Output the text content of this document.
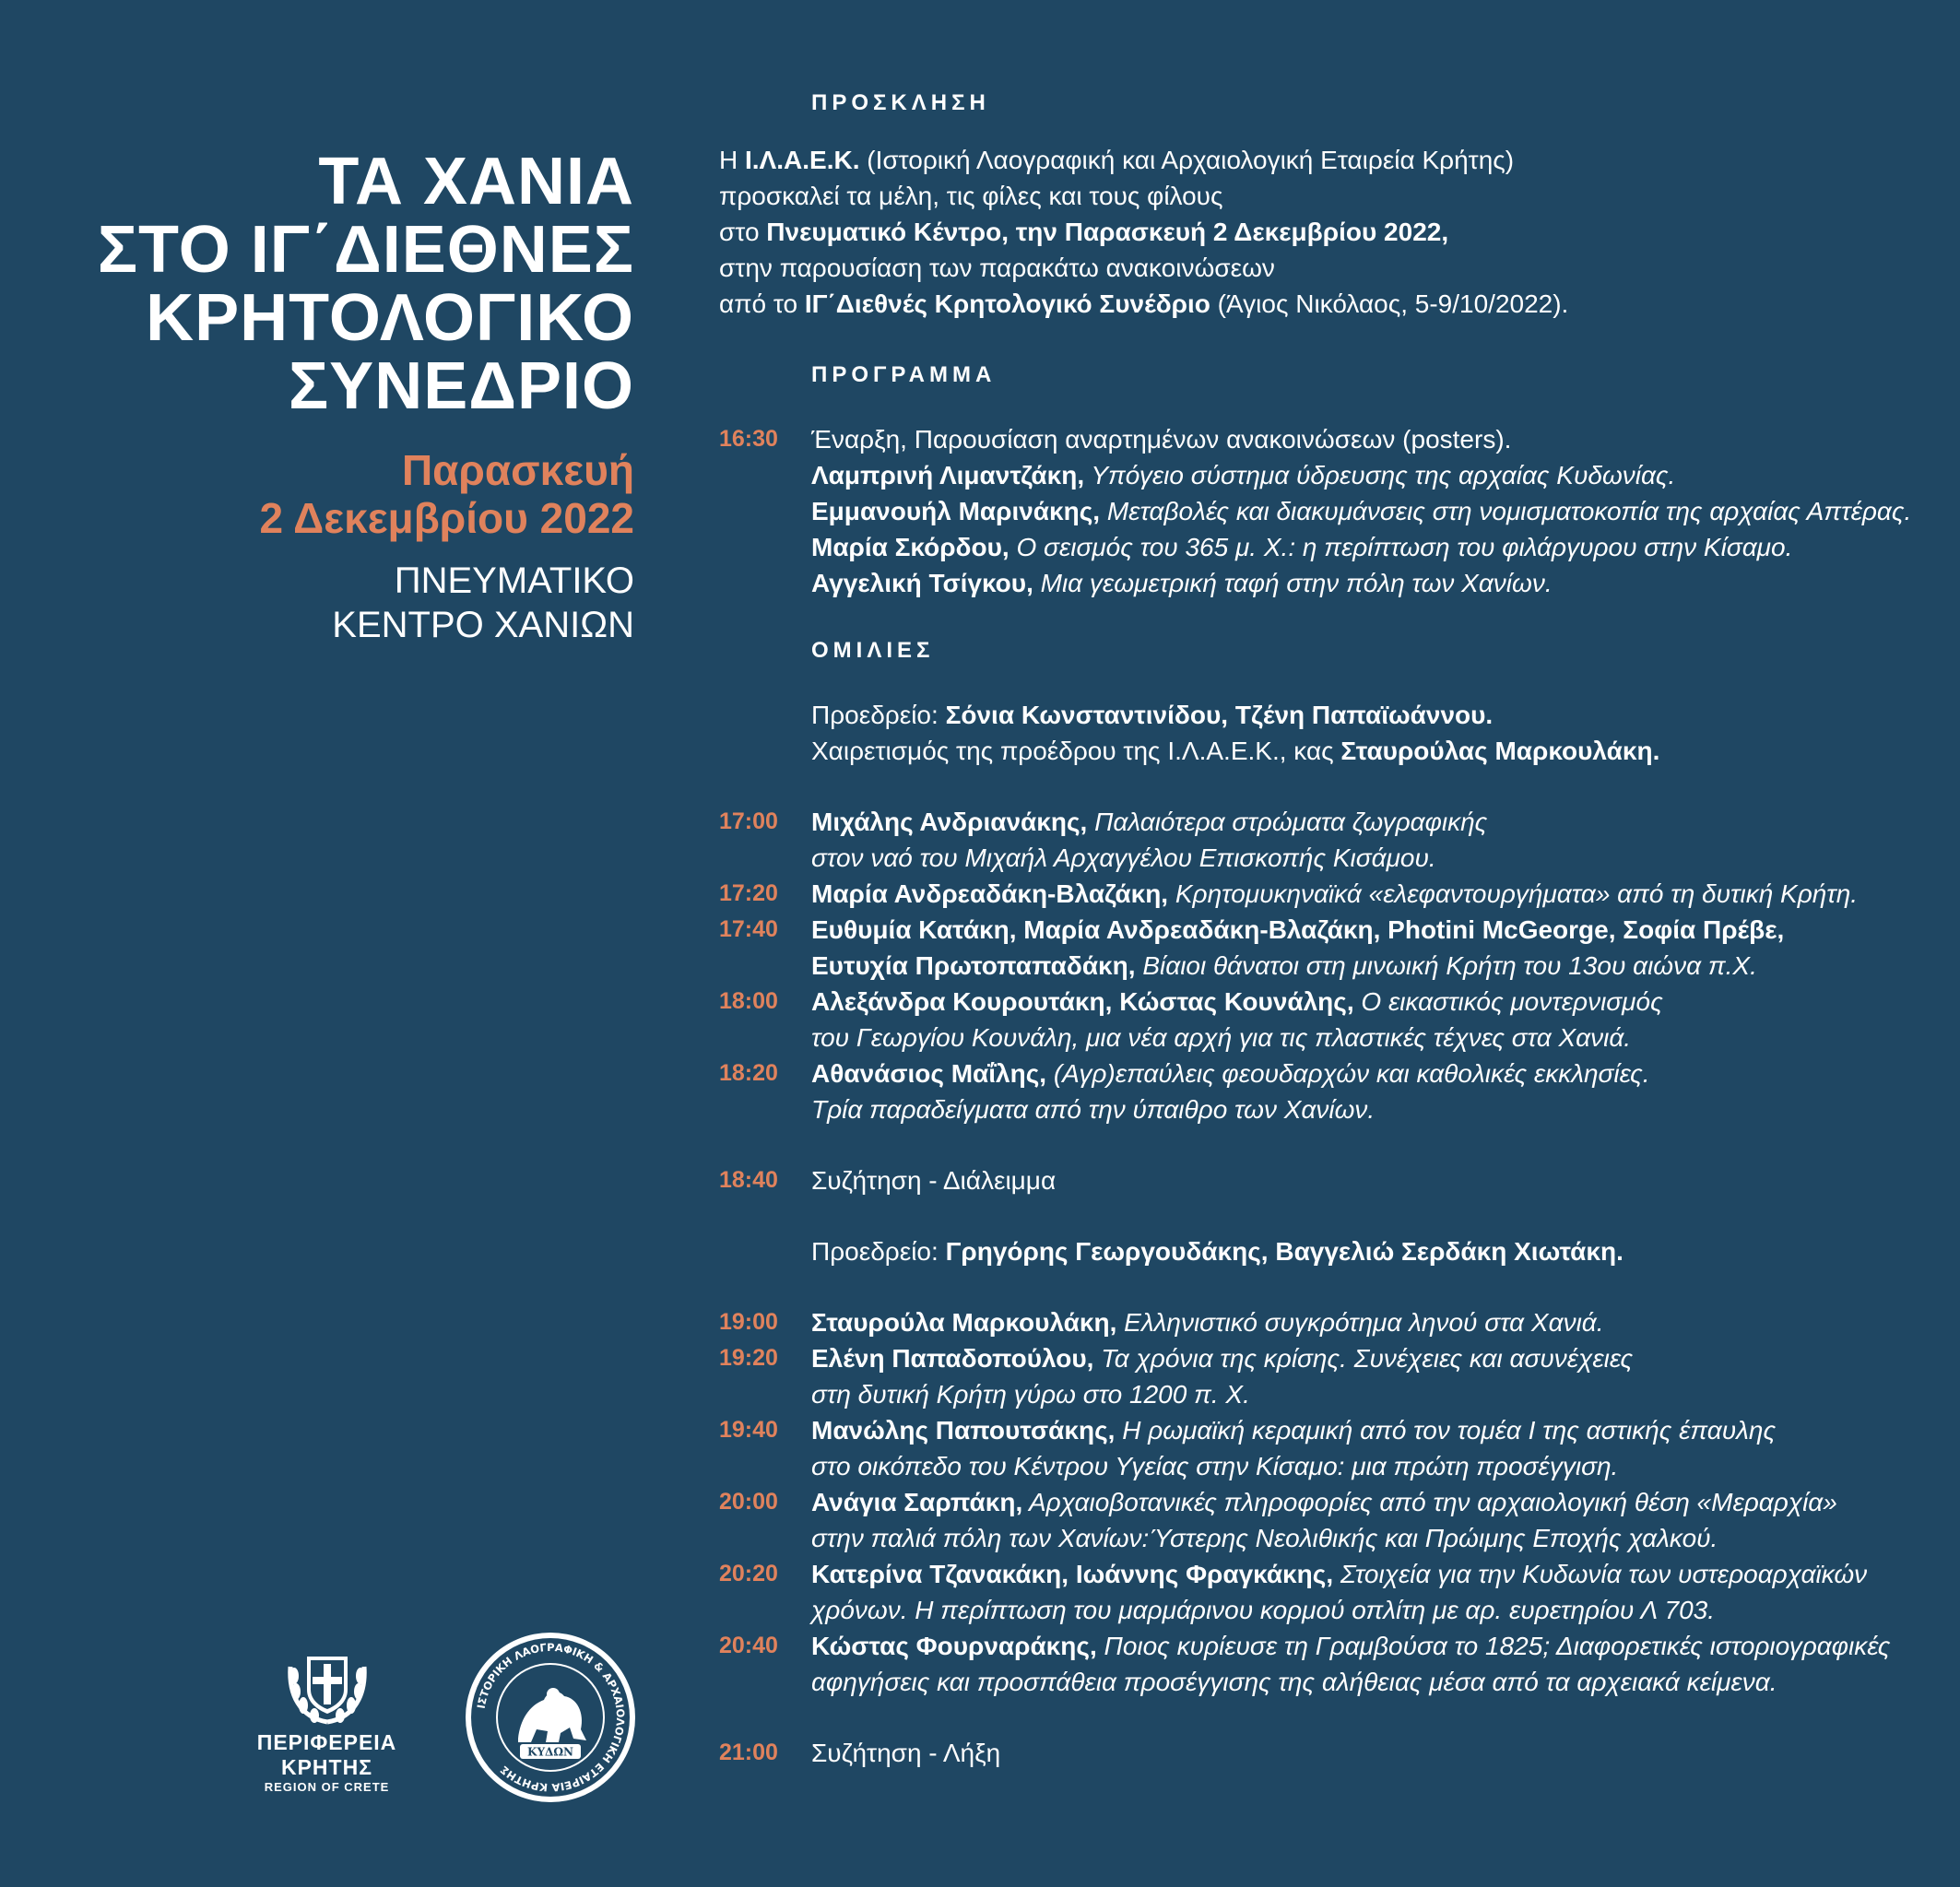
ΤΑ ΧΑΝΙΑ
ΣΤΟ ΙΓ΄ΔΙΕΘΝΕΣ
ΚΡΗΤΟΛΟΓΙΚΟ
ΣΥΝΕΔΡΙΟ
Παρασκευή
2 Δεκεμβρίου 2022
ΠΝΕΥΜΑΤΙΚΟ
ΚΕΝΤΡΟ ΧΑΝΙΩΝ
ΠΕΡΙΦΕΡΕΙΑ ΚΡΗΤΗΣ
REGION OF CRETE
ΙΣΤΟΡΙΚΗ ΛΑΟΓΡΑΦΙΚΗ & ΑΡΧΑΙΟΛΟΓΙΚΗ ΕΤΑΙΡΕΙΑ ΚΡΗΤΗΣ
ΚΥΔΩΝ
ΠΡΟΣΚΛΗΣΗ
Η Ι.Λ.Α.Ε.Κ. (Ιστορική Λαογραφική και Αρχαιολογική Εταιρεία Κρήτης)
προσκαλεί τα μέλη, τις φίλες και τους φίλους
στο Πνευματικό Κέντρο, την Παρασκευή 2 Δεκεμβρίου 2022,
στην παρουσίαση των παρακάτω ανακοινώσεων
από το ΙΓ΄Διεθνές Κρητολογικό Συνέδριο (Άγιος Νικόλαος, 5-9/10/2022).
ΠΡΟΓΡΑΜΜΑ
16:30	Έναρξη, Παρουσίαση αναρτημένων ανακοινώσεων (posters).
Λαμπρινή Λιμαντζάκη, Υπόγειο σύστημα ύδρευσης της αρχαίας Κυδωνίας.
Εμμανουήλ Μαρινάκης, Μεταβολές και διακυμάνσεις στη νομισματοκοπία της αρχαίας Απτέρας.
Μαρία Σκόρδου, Ο σεισμός του 365 μ. Χ.: η περίπτωση του φιλάργυρου στην Κίσαμο.
Αγγελική Τσίγκου, Μια γεωμετρική ταφή στην πόλη των Χανίων.
ΟΜΙΛΙΕΣ
Προεδρείο: Σόνια Κωνσταντινίδου, Τζένη Παπαϊωάννου.
Χαιρετισμός της προέδρου της Ι.Λ.Α.Ε.Κ., κας Σταυρούλας Μαρκουλάκη.
17:00	Μιχάλης Ανδριανάκης, Παλαιότερα στρώματα ζωγραφικής
στον ναό του Μιχαήλ Αρχαγγέλου Επισκοπής Κισάμου.
17:20	Μαρία Ανδρεαδάκη-Βλαζάκη, Κρητομυκηναϊκά «ελεφαντουργήματα» από τη δυτική Κρήτη.
17:40	Ευθυμία Κατάκη, Μαρία Ανδρεαδάκη-Βλαζάκη, Photini McGeorge, Σοφία Πρέβε,
Ευτυχία Πρωτοπαπαδάκη, Βίαιοι θάνατοι στη μινωική Κρήτη του 13ου αιώνα π.Χ.
18:00	Αλεξάνδρα Κουρουτάκη, Κώστας Κουνάλης, Ο εικαστικός μοντερνισμός
του Γεωργίου Κουνάλη, μια νέα αρχή για τις πλαστικές τέχνες στα Χανιά.
18:20	Αθανάσιος Μαΐλης, (Αγρ)επαύλεις φεουδαρχών και καθολικές εκκλησίες.
Τρία παραδείγματα από την ύπαιθρο των Χανίων.
18:40	Συζήτηση - Διάλειμμα
Προεδρείο: Γρηγόρης Γεωργουδάκης, Βαγγελιώ Σερδάκη Χιωτάκη.
19:00	Σταυρούλα Μαρκουλάκη, Ελληνιστικό συγκρότημα ληνού στα Χανιά.
19:20	Ελένη Παπαδοπούλου, Τα χρόνια της κρίσης. Συνέχειες και ασυνέχειες
στη δυτική Κρήτη γύρω στο 1200 π. Χ.
19:40	Μανώλης Παπουτσάκης, Η ρωμαϊκή κεραμική από τον τομέα Ι της αστικής έπαυλης
στο οικόπεδο του Κέντρου Υγείας στην Κίσαμο: μια πρώτη προσέγγιση.
20:00	Ανάγια Σαρπάκη, Αρχαιοβοτανικές πληροφορίες από την αρχαιολογική θέση «Μεραρχία»
στην παλιά πόλη των Χανίων:Ύστερης Νεολιθικής και Πρώιμης Εποχής χαλκού.
20:20	Κατερίνα Τζανακάκη, Ιωάννης Φραγκάκης, Στοιχεία για την Κυδωνία των υστεροαρχαϊκών
χρόνων. Η περίπτωση του μαρμάρινου κορμού οπλίτη με αρ. ευρετηρίου Λ 703.
20:40	Κώστας Φουρναράκης, Ποιος κυρίευσε τη Γραμβούσα το 1825; Διαφορετικές ιστοριογραφικές
αφηγήσεις και προσπάθεια προσέγγισης της αλήθειας μέσα από τα αρχειακά κείμενα.
21:00	Συζήτηση - Λήξη
